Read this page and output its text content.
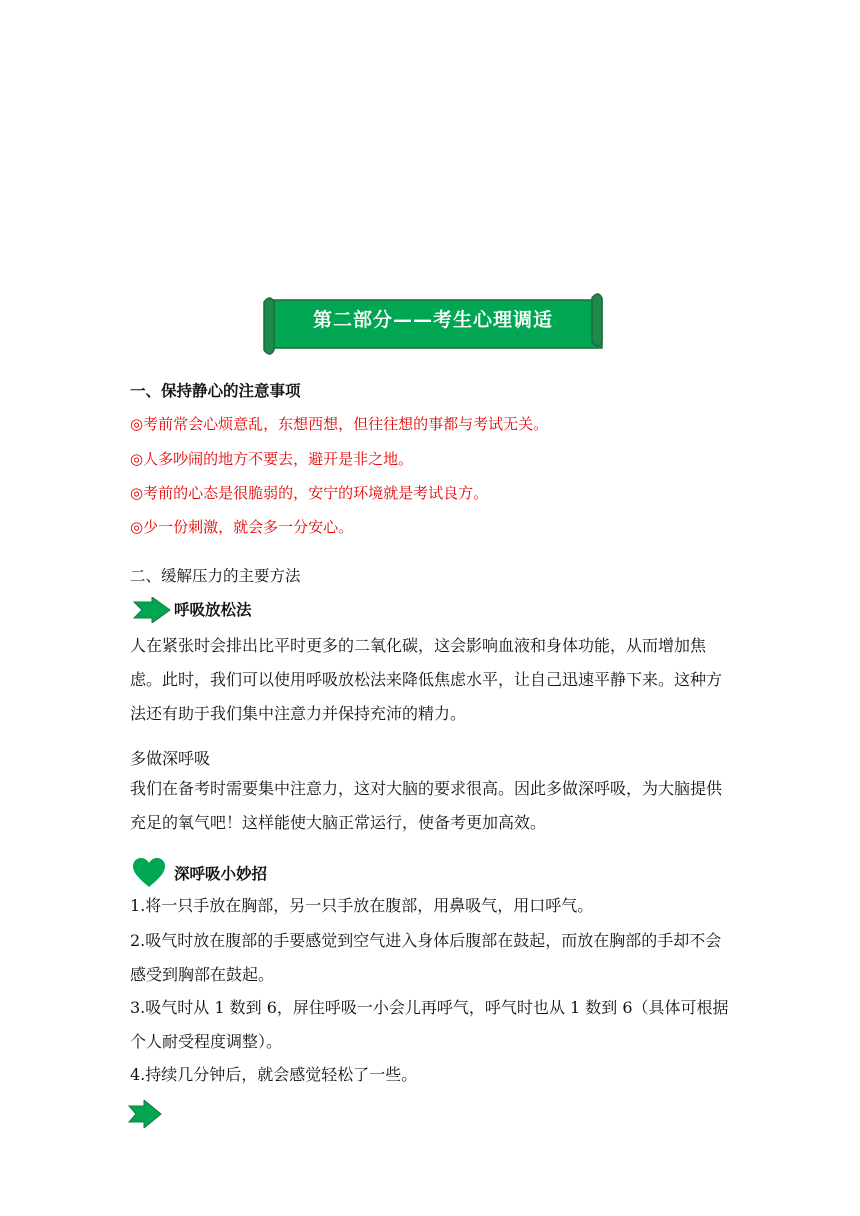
第二部分——考生心理调适
一、保持静心的注意事项
◎考前常会心烦意乱，东想西想，但往往想的事都与考试无关。
◎人多吵闹的地方不要去，避开是非之地。
◎考前的心态是很脆弱的，安宁的环境就是考试良方。
◎少一份刺激，就会多一分安心。
二、缓解压力的主要方法
呼吸放松法
人在紧张时会排出比平时更多的二氧化碳，这会影响血液和身体功能，从而增加焦虑。此时，我们可以使用呼吸放松法来降低焦虑水平，让自己迅速平静下来。这种方法还有助于我们集中注意力并保持充沛的精力。
多做深呼吸
我们在备考时需要集中注意力，这对大脑的要求很高。因此多做深呼吸，为大脑提供充足的氧气吧！这样能使大脑正常运行，使备考更加高效。
深呼吸小妙招
1.将一只手放在胸部，另一只手放在腹部，用鼻吸气，用口呼气。
2.吸气时放在腹部的手要感觉到空气进入身体后腹部在鼓起，而放在胸部的手却不会感受到胸部在鼓起。
3.吸气时从 1 数到 6，屏住呼吸一小会儿再呼气，呼气时也从 1 数到 6（具体可根据个人耐受程度调整）。
4.持续几分钟后，就会感觉轻松了一些。
